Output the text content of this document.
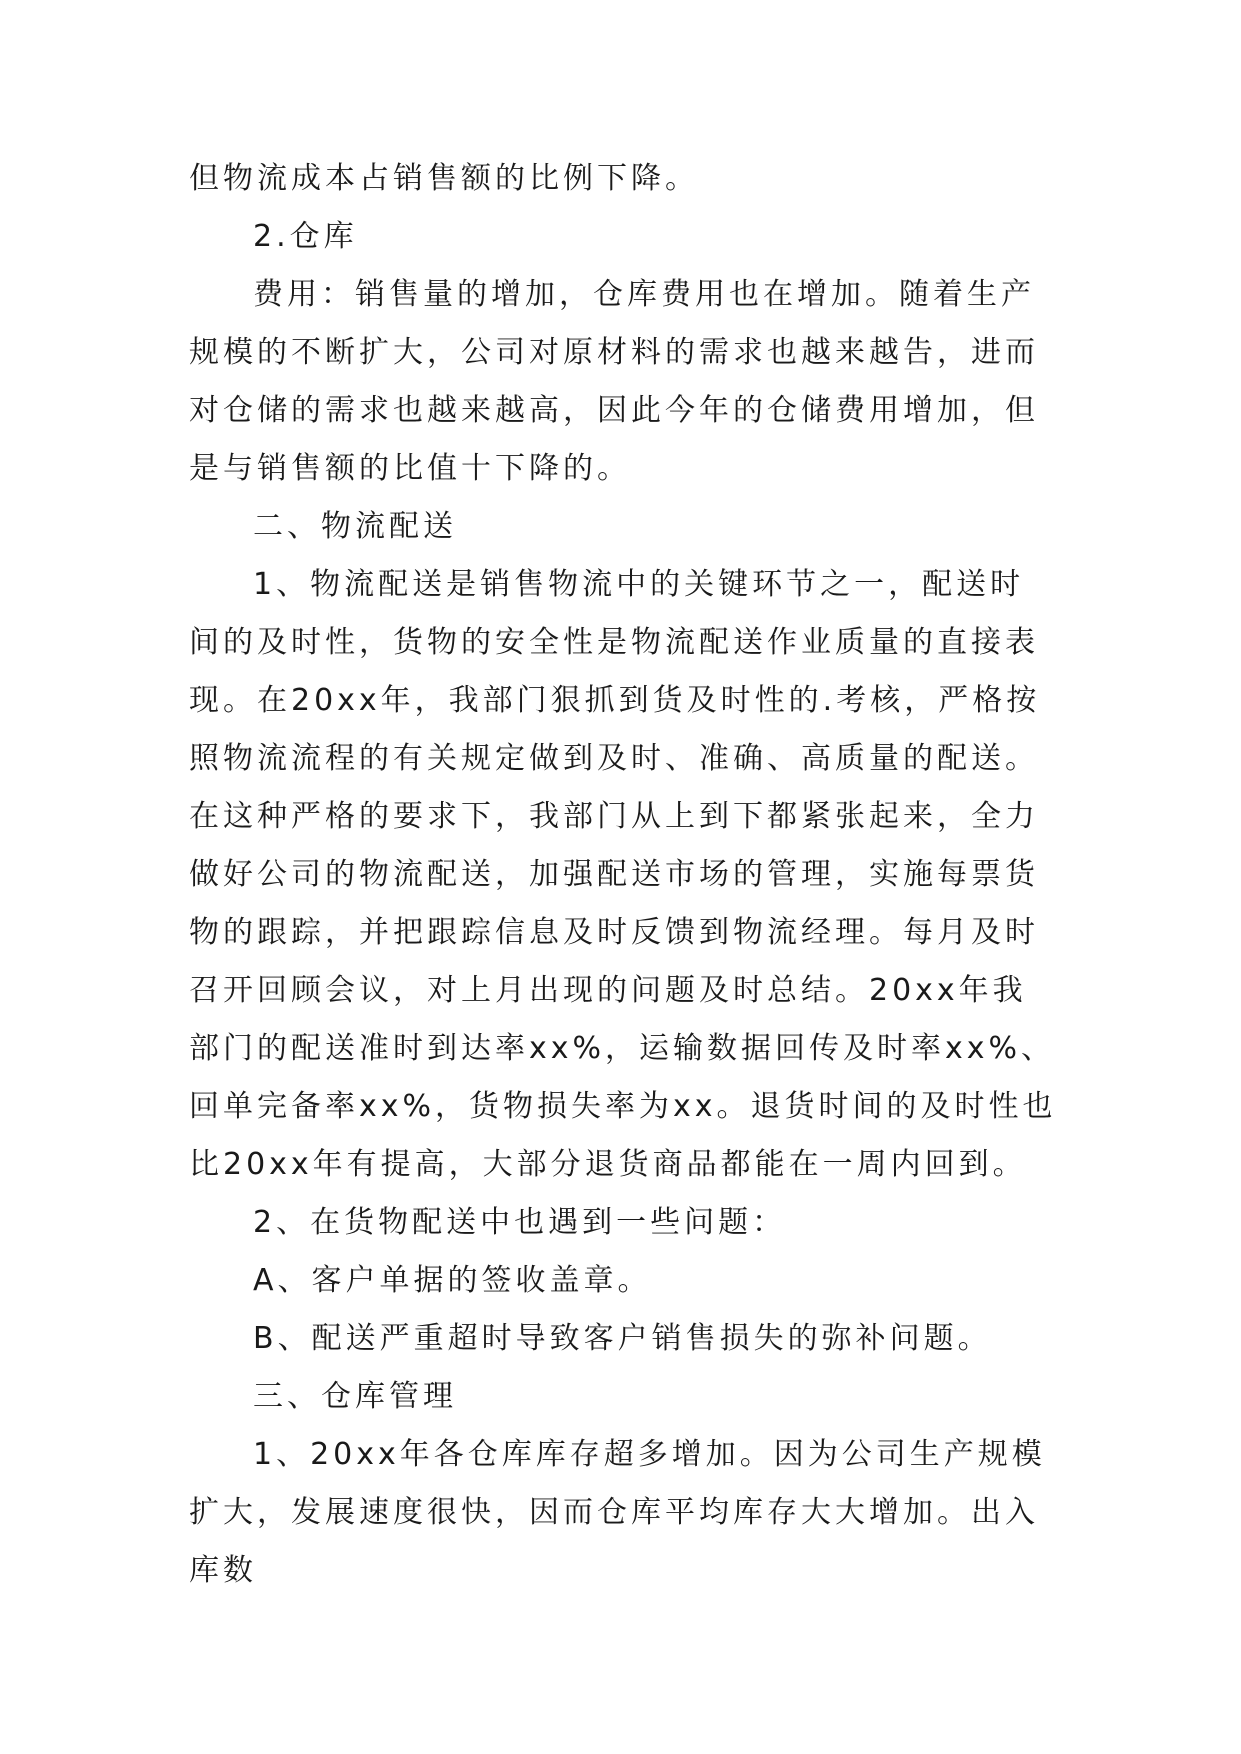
但物流成本占销售额的比例下降。

2.仓库

费用：销售量的增加，仓库费用也在增加。随着生产规模的不断扩大，公司对原材料的需求也越来越告，进而对仓储的需求也越来越高，因此今年的仓储费用增加，但是与销售额的比值十下降的。

二、物流配送

1、物流配送是销售物流中的关键环节之一，配送时间的及时性，货物的安全性是物流配送作业质量的直接表现。在20xx年，我部门狠抓到货及时性的.考核，严格按照物流流程的有关规定做到及时、准确、高质量的配送。在这种严格的要求下，我部门从上到下都紧张起来，全力做好公司的物流配送，加强配送市场的管理，实施每票货物的跟踪，并把跟踪信息及时反馈到物流经理。每月及时召开回顾会议，对上月出现的问题及时总结。20xx年我部门的配送准时到达率xx%，运输数据回传及时率xx%、回单完备率xx%，货物损失率为xx。退货时间的及时性也比20xx年有提高，大部分退货商品都能在一周内回到。

2、在货物配送中也遇到一些问题：

A、客户单据的签收盖章。

B、配送严重超时导致客户销售损失的弥补问题。

三、仓库管理

1、20xx年各仓库库存超多增加。因为公司生产规模扩大，发展速度很快，因而仓库平均库存大大增加。出入库数
